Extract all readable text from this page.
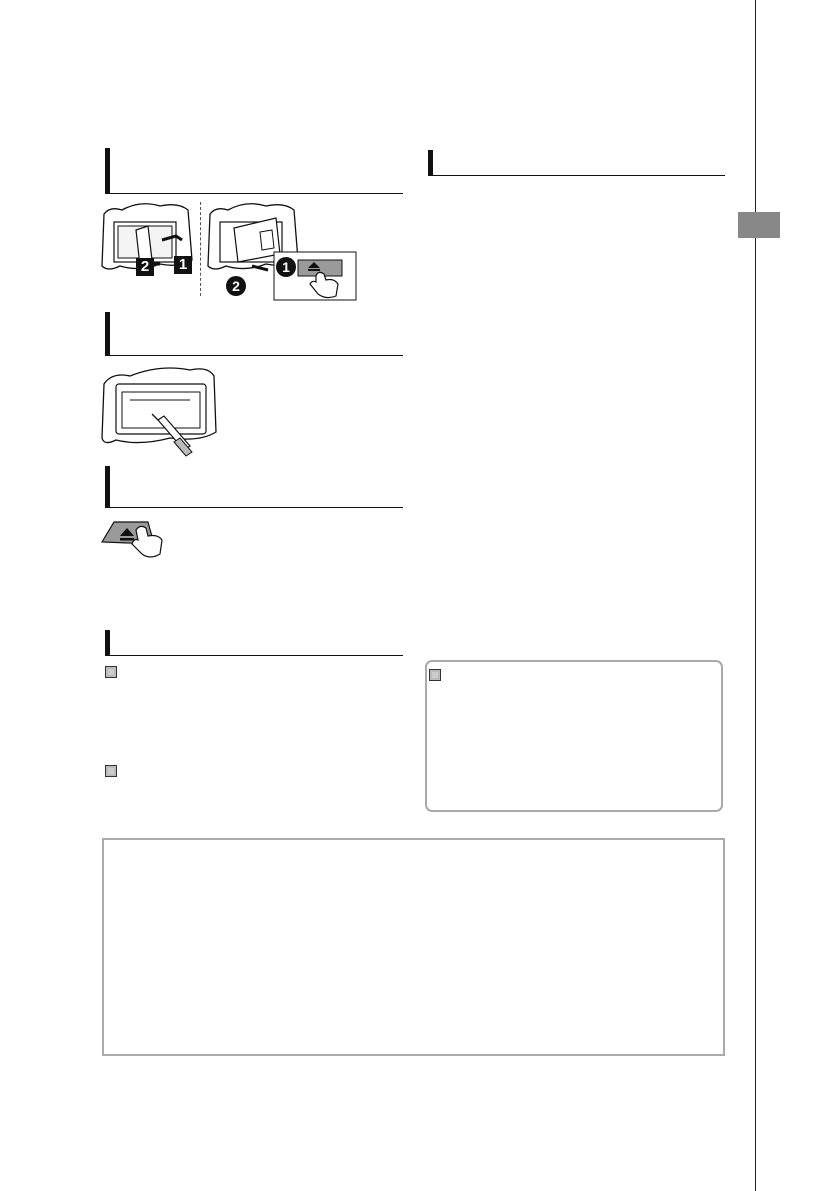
2	1	1
2
